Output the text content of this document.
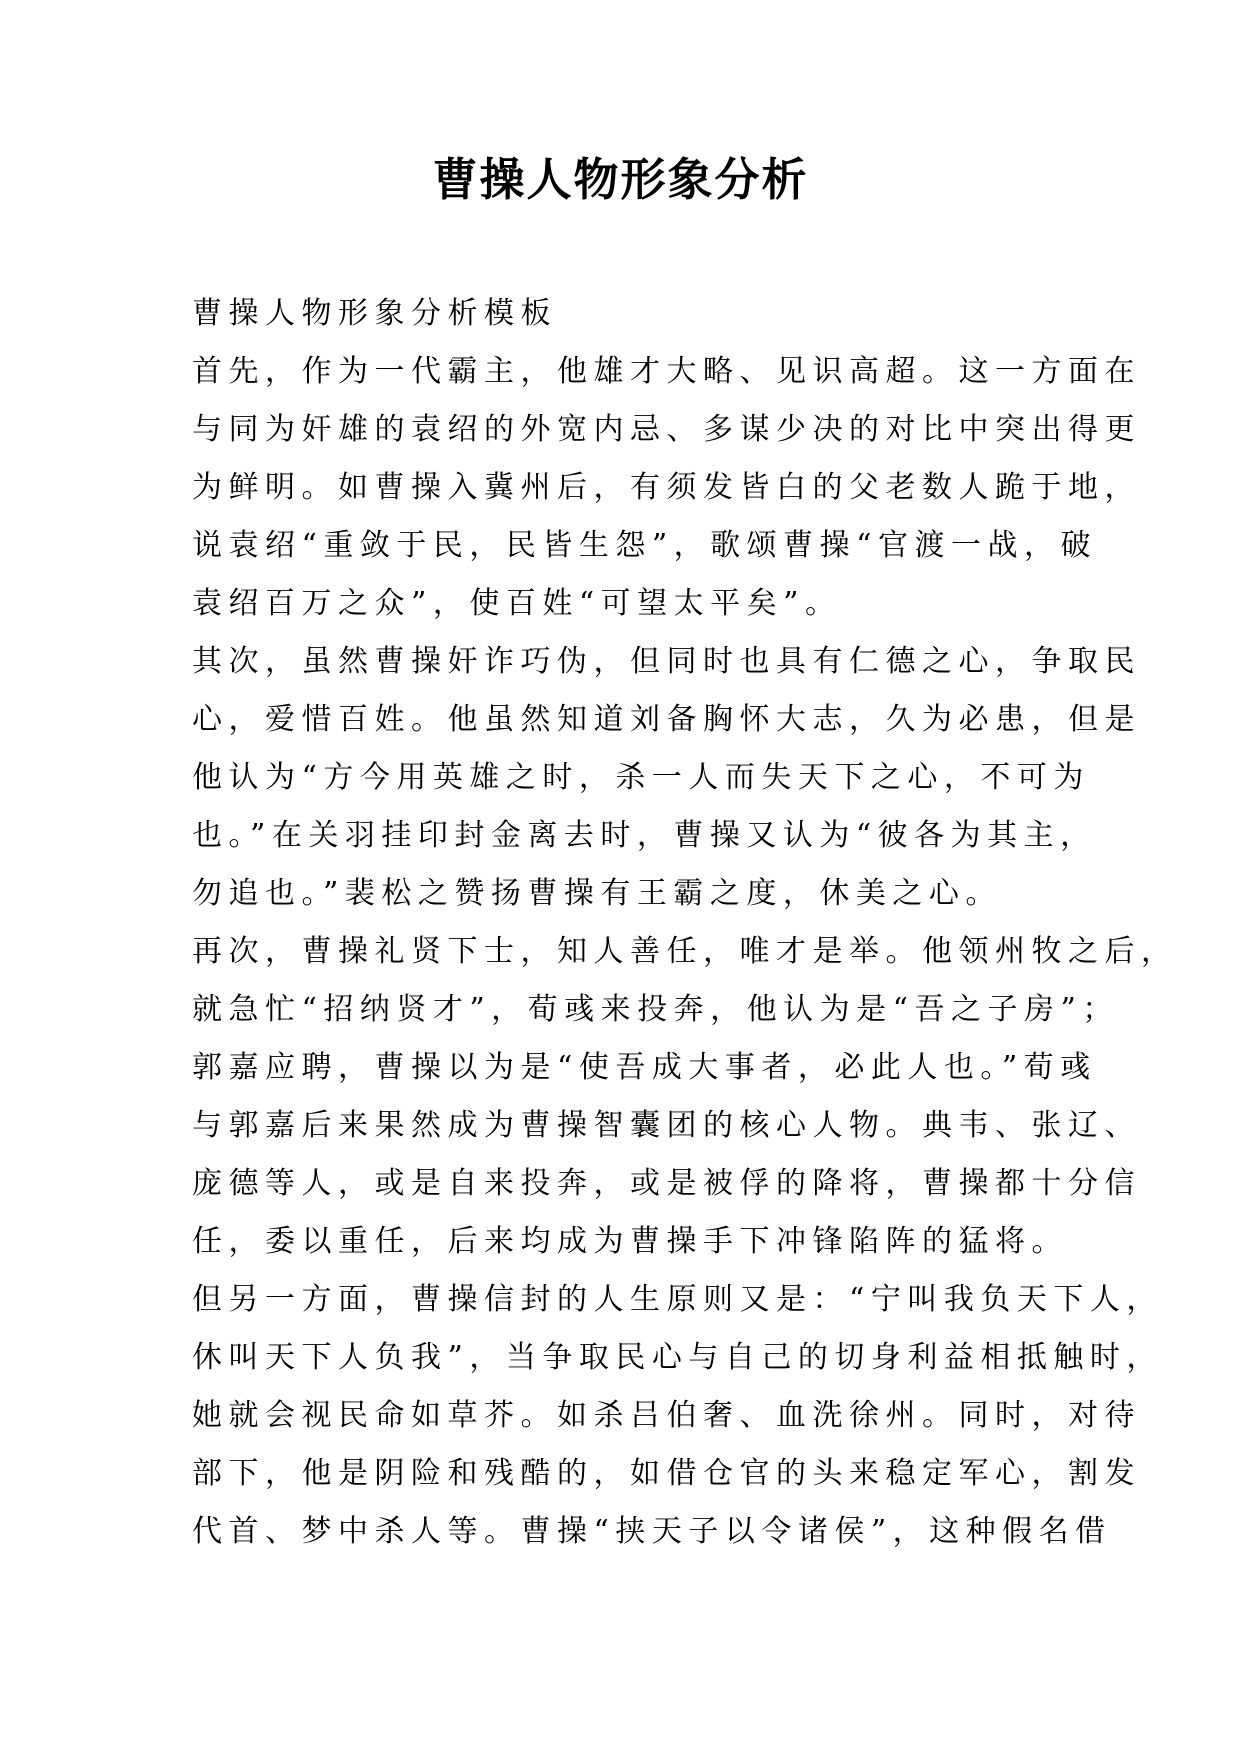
曹操人物形象分析
曹操人物形象分析模板
首先，作为一代霸主，他雄才大略、见识高超。这一方面在
与同为奸雄的袁绍的外宽内忌、多谋少决的对比中突出得更
为鲜明。如曹操入冀州后，有须发皆白的父老数人跪于地，
说袁绍“重敛于民，民皆生怨”，歌颂曹操“官渡一战，破
袁绍百万之众”，使百姓“可望太平矣”。
其次，虽然曹操奸诈巧伪，但同时也具有仁德之心，争取民
心，爱惜百姓。他虽然知道刘备胸怀大志，久为必患，但是
他认为“方今用英雄之时，杀一人而失天下之心，不可为
也。”在关羽挂印封金离去时，曹操又认为“彼各为其主，
勿追也。”裴松之赞扬曹操有王霸之度，休美之心。
再次，曹操礼贤下士，知人善任，唯才是举。他领州牧之后，
就急忙“招纳贤才”，荀彧来投奔，他认为是“吾之子房”；
郭嘉应聘，曹操以为是“使吾成大事者，必此人也。”荀彧
与郭嘉后来果然成为曹操智囊团的核心人物。典韦、张辽、
庞德等人，或是自来投奔，或是被俘的降将，曹操都十分信
任，委以重任，后来均成为曹操手下冲锋陷阵的猛将。
但另一方面，曹操信封的人生原则又是：“宁叫我负天下人，
休叫天下人负我”，当争取民心与自己的切身利益相抵触时，
她就会视民命如草芥。如杀吕伯奢、血洗徐州。同时，对待
部下，他是阴险和残酷的，如借仓官的头来稳定军心，割发
代首、梦中杀人等。曹操“挟天子以令诸侯”，这种假名借
